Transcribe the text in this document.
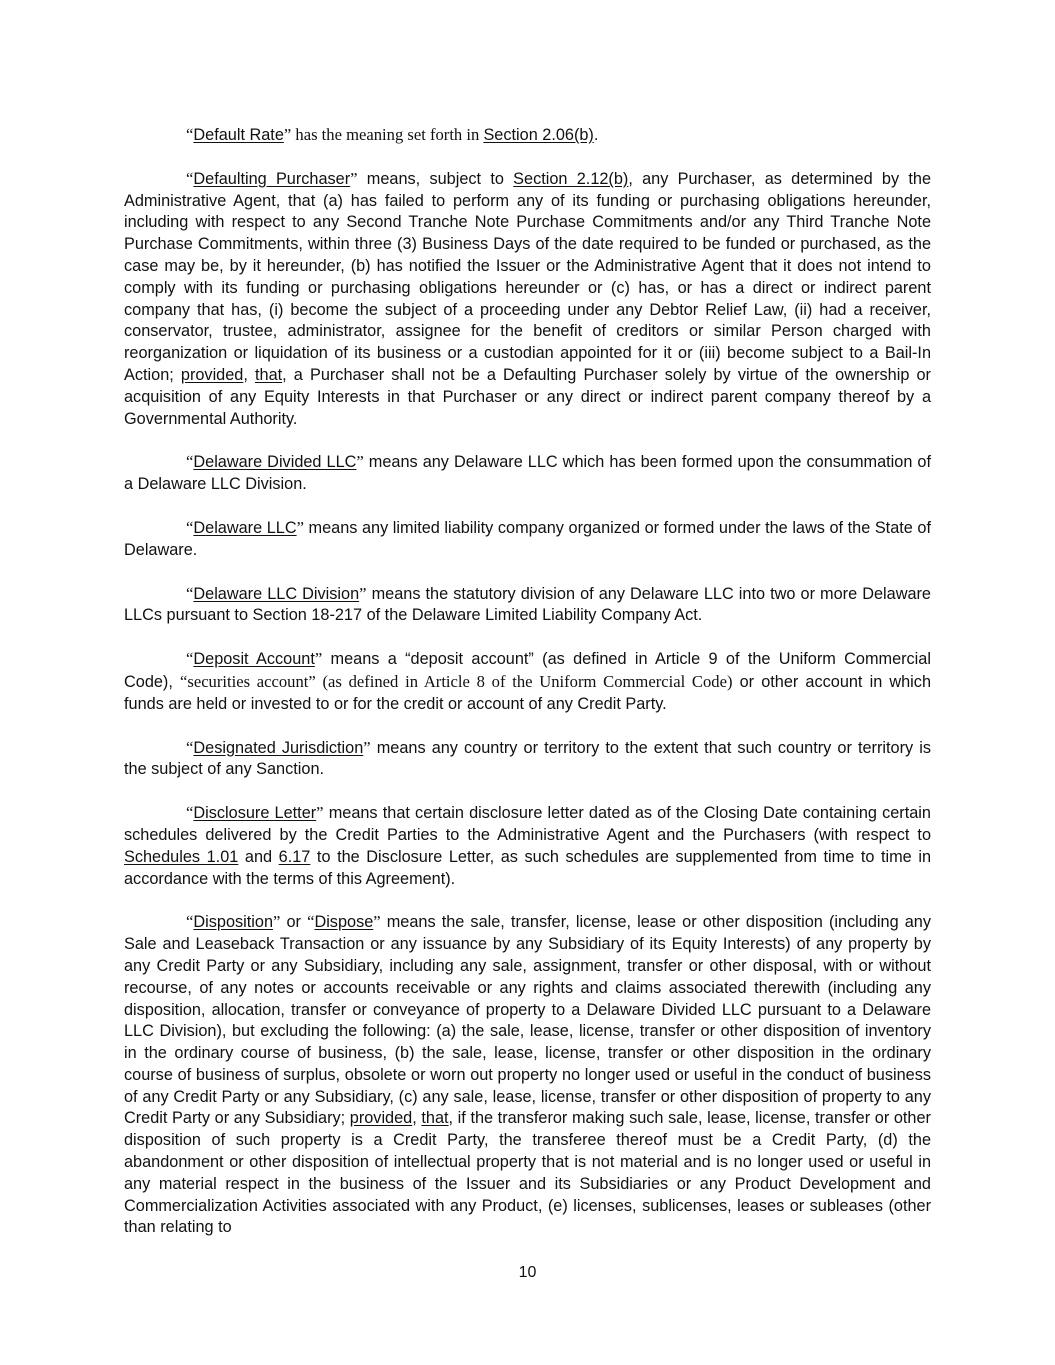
“Default Rate” has the meaning set forth in Section 2.06(b).

“Defaulting Purchaser” means, subject to Section 2.12(b), any Purchaser, as determined by the Administrative Agent, that (a) has failed to perform any of its funding or purchasing obligations hereunder, including with respect to any Second Tranche Note Purchase Commitments and/or any Third Tranche Note Purchase Commitments, within three (3) Business Days of the date required to be funded or purchased, as the case may be, by it hereunder, (b) has notified the Issuer or the Administrative Agent that it does not intend to comply with its funding or purchasing obligations hereunder or (c) has, or has a direct or indirect parent company that has, (i) become the subject of a proceeding under any Debtor Relief Law, (ii) had a receiver, conservator, trustee, administrator, assignee for the benefit of creditors or similar Person charged with reorganization or liquidation of its business or a custodian appointed for it or (iii) become subject to a Bail-In Action; provided, that, a Purchaser shall not be a Defaulting Purchaser solely by virtue of the ownership or acquisition of any Equity Interests in that Purchaser or any direct or indirect parent company thereof by a Governmental Authority.

“Delaware Divided LLC” means any Delaware LLC which has been formed upon the consummation of a Delaware LLC Division.

“Delaware LLC” means any limited liability company organized or formed under the laws of the State of Delaware.

“Delaware LLC Division” means the statutory division of any Delaware LLC into two or more Delaware LLCs pursuant to Section 18-217 of the Delaware Limited Liability Company Act.

“Deposit Account” means a “deposit account” (as defined in Article 9 of the Uniform Commercial Code), “securities account” (as defined in Article 8 of the Uniform Commercial Code) or other account in which funds are held or invested to or for the credit or account of any Credit Party.

“Designated Jurisdiction” means any country or territory to the extent that such country or territory is the subject of any Sanction.

“Disclosure Letter” means that certain disclosure letter dated as of the Closing Date containing certain schedules delivered by the Credit Parties to the Administrative Agent and the Purchasers (with respect to Schedules 1.01 and 6.17 to the Disclosure Letter, as such schedules are supplemented from time to time in accordance with the terms of this Agreement).

“Disposition” or “Dispose” means the sale, transfer, license, lease or other disposition (including any Sale and Leaseback Transaction or any issuance by any Subsidiary of its Equity Interests) of any property by any Credit Party or any Subsidiary, including any sale, assignment, transfer or other disposal, with or without recourse, of any notes or accounts receivable or any rights and claims associated therewith (including any disposition, allocation, transfer or conveyance of property to a Delaware Divided LLC pursuant to a Delaware LLC Division), but excluding the following: (a) the sale, lease, license, transfer or other disposition of inventory in the ordinary course of business, (b) the sale, lease, license, transfer or other disposition in the ordinary course of business of surplus, obsolete or worn out property no longer used or useful in the conduct of business of any Credit Party or any Subsidiary, (c) any sale, lease, license, transfer or other disposition of property to any Credit Party or any Subsidiary; provided, that, if the transferor making such sale, lease, license, transfer or other disposition of such property is a Credit Party, the transferee thereof must be a Credit Party, (d) the abandonment or other disposition of intellectual property that is not material and is no longer used or useful in any material respect in the business of the Issuer and its Subsidiaries or any Product Development and Commercialization Activities associated with any Product, (e) licenses, sublicenses, leases or subleases (other than relating to

10
